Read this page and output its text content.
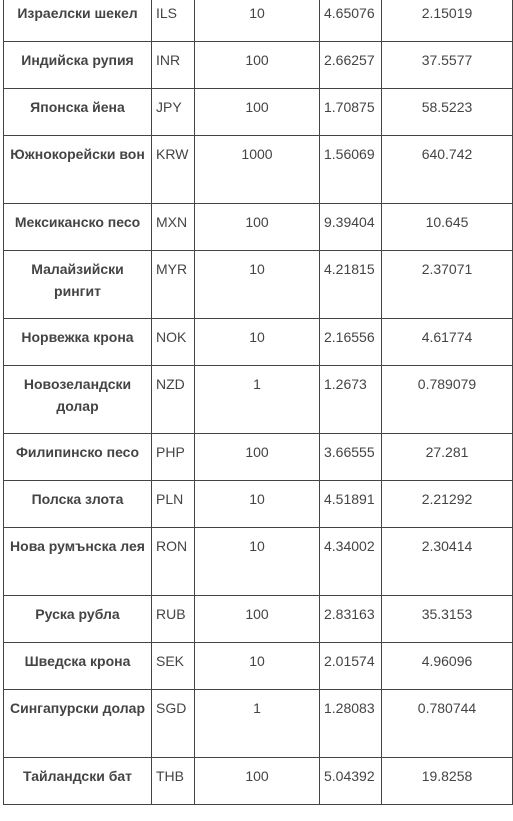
Израелски шекел	ILS	10	4.65076	2.15019
Индийска рупия	INR	100	2.66257	37.5577
Японска йена	JPY	100	1.70875	58.5223
Южнокорейски вон	KRW	1000	1.56069	640.742
Мексиканско песо	MXN	100	9.39404	10.645
Малайзийски рингит	MYR	10	4.21815	2.37071
Норвежка крона	NOK	10	2.16556	4.61774
Новозеландски долар	NZD	1	1.2673	0.789079
Филипинско песо	PHP	100	3.66555	27.281
Полска злота	PLN	10	4.51891	2.21292
Нова румънска лея	RON	10	4.34002	2.30414
Руска рубла	RUB	100	2.83163	35.3153
Шведска крона	SEK	10	2.01574	4.96096
Сингапурски долар	SGD	1	1.28083	0.780744
Тайландски бат	THB	100	5.04392	19.8258
